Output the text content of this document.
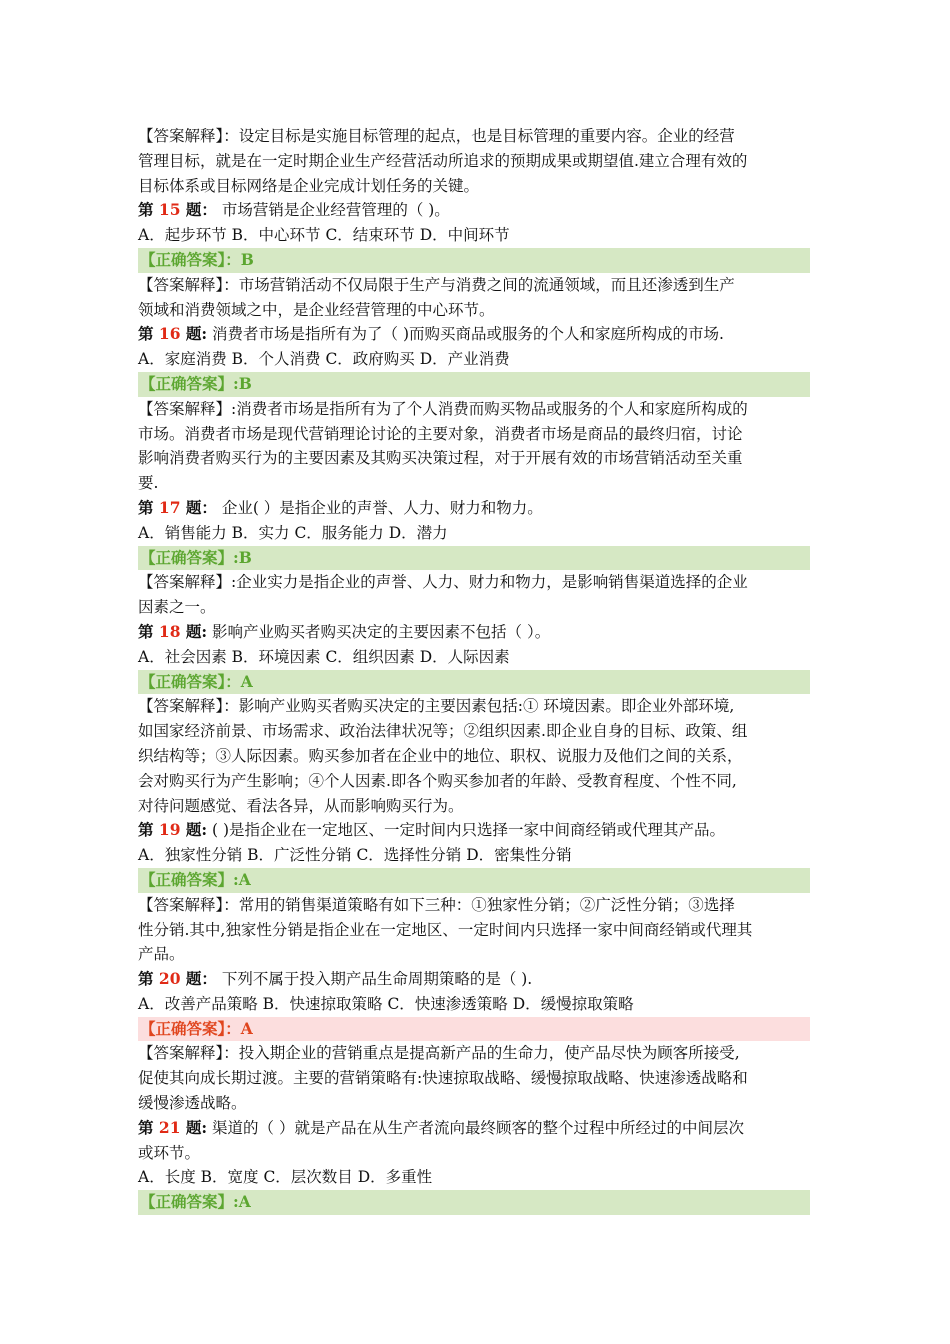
【答案解释】：设定目标是实施目标管理的起点，也是目标管理的重要内容。企业的经营
管理目标，就是在一定时期企业生产经营活动所追求的预期成果或期望值.建立合理有效的
目标体系或目标网络是企业完成计划任务的关键。
第 15 题： 市场营销是企业经营管理的（ )。
A．起步环节 B．中心环节 C．结束环节 D．中间环节
【正确答案】：B
【答案解释】：市场营销活动不仅局限于生产与消费之间的流通领域，而且还渗透到生产
领域和消费领域之中，是企业经营管理的中心环节。
第 16 题: 消费者市场是指所有为了（ )而购买商品或服务的个人和家庭所构成的市场.
A．家庭消费 B．个人消费 C．政府购买 D．产业消费
【正确答案】:B
【答案解释】:消费者市场是指所有为了个人消费而购买物品或服务的个人和家庭所构成的
市场。消费者市场是现代营销理论讨论的主要对象，消费者市场是商品的最终归宿，讨论
影响消费者购买行为的主要因素及其购买决策过程，对于开展有效的市场营销活动至关重
要.
第 17 题： 企业( ）是指企业的声誉、人力、财力和物力。
A．销售能力 B．实力 C．服务能力 D．潜力
【正确答案】:B
【答案解释】:企业实力是指企业的声誉、人力、财力和物力，是影响销售渠道选择的企业
因素之一。
第 18 题: 影响产业购买者购买决定的主要因素不包括（ ）。
A．社会因素 B．环境因素 C．组织因素 D．人际因素
【正确答案】：A
【答案解释】：影响产业购买者购买决定的主要因素包括:① 环境因素。即企业外部环境,
如国家经济前景、市场需求、政治法律状况等；②组织因素.即企业自身的目标、政策、组
织结构等；③人际因素。购买参加者在企业中的地位、职权、说服力及他们之间的关系，
会对购买行为产生影响；④个人因素.即各个购买参加者的年龄、受教育程度、个性不同,
对待问题感觉、看法各异，从而影响购买行为。
第 19 题: ( )是指企业在一定地区、一定时间内只选择一家中间商经销或代理其产品。
A．独家性分销 B．广泛性分销 C．选择性分销 D．密集性分销
【正确答案】:A
【答案解释】：常用的销售渠道策略有如下三种：①独家性分销；②广泛性分销；③选择
性分销.其中,独家性分销是指企业在一定地区、一定时间内只选择一家中间商经销或代理其
产品。
第 20 题： 下列不属于投入期产品生命周期策略的是（ ).
A．改善产品策略 B．快速掠取策略 C．快速渗透策略 D．缓慢掠取策略
【正确答案】：A
【答案解释】：投入期企业的营销重点是提高新产品的生命力，使产品尽快为顾客所接受,
促使其向成长期过渡。主要的营销策略有:快速掠取战略、缓慢掠取战略、快速渗透战略和
缓慢渗透战略。
第 21 题: 渠道的（ ）就是产品在从生产者流向最终顾客的整个过程中所经过的中间层次
或环节。
A．长度 B．宽度 C．层次数目 D．多重性
【正确答案】:A
